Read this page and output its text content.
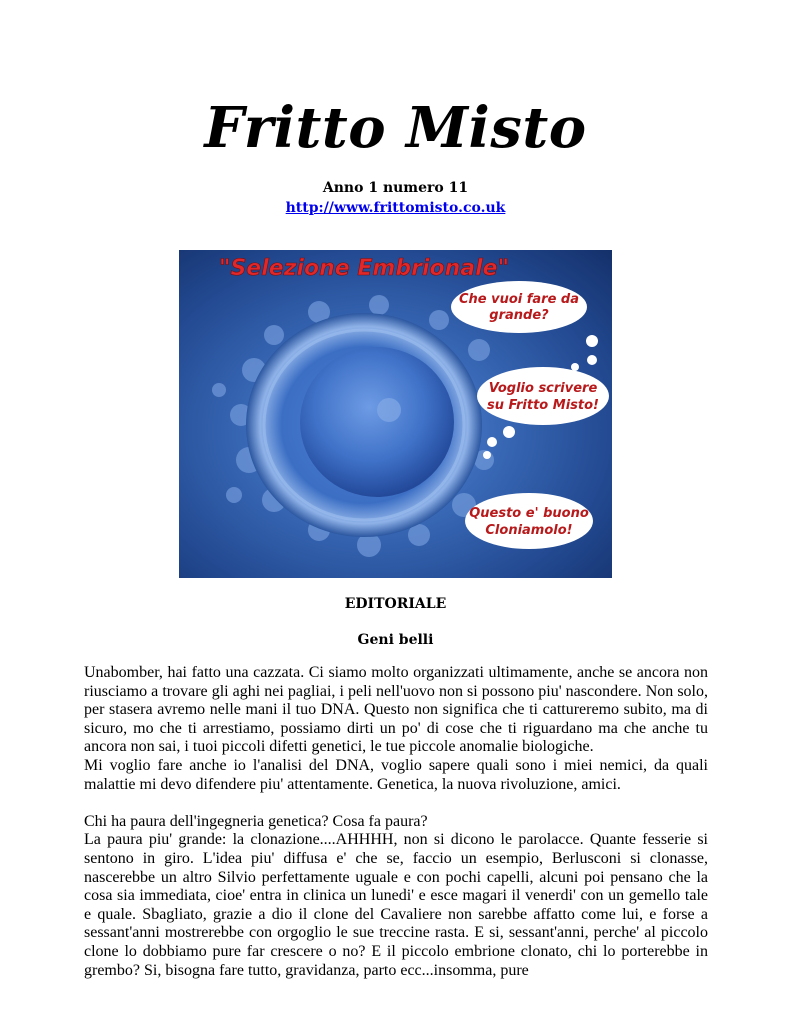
Fritto Misto
Anno 1 numero 11
http://www.frittomisto.co.uk
"Selezione Embrionale"
Che vuoi fare da
grande?
Voglio scrivere
su Fritto Misto!
Questo e' buono
Cloniamolo!
EDITORIALE
Geni belli

Unabomber, hai fatto una cazzata. Ci siamo molto organizzati ultimamente, anche se ancora non riusciamo a trovare gli aghi nei pagliai, i peli nell'uovo non si possono piu' nascondere. Non solo, per stasera avremo nelle mani il tuo DNA. Questo non significa che ti cattureremo subito, ma di sicuro, mo che ti arrestiamo, possiamo dirti un po' di cose che ti riguardano ma che anche tu ancora non sai, i tuoi piccoli difetti genetici, le tue piccole anomalie biologiche.

Mi voglio fare anche io l'analisi del DNA, voglio sapere quali sono i miei nemici, da quali malattie mi devo difendere piu' attentamente. Genetica, la nuova rivoluzione, amici.

Chi ha paura dell'ingegneria genetica? Cosa fa paura?

La paura piu' grande: la clonazione....AHHHH, non si dicono le parolacce. Quante fesserie si sentono in giro. L'idea piu' diffusa e' che se, faccio un esempio, Berlusconi si clonasse, nascerebbe un altro Silvio perfettamente uguale e con pochi capelli, alcuni poi pensano che la cosa sia immediata, cioe' entra in clinica un lunedi' e esce magari il venerdi' con un gemello tale e quale. Sbagliato, grazie a dio il clone del Cavaliere non sarebbe affatto come lui, e forse a sessant'anni mostrerebbe con orgoglio le sue treccine rasta. E si, sessant'anni, perche' al piccolo clone lo dobbiamo pure far crescere o no? E il piccolo embrione clonato, chi lo porterebbe in grembo? Si, bisogna fare tutto, gravidanza, parto ecc...insomma, pure
